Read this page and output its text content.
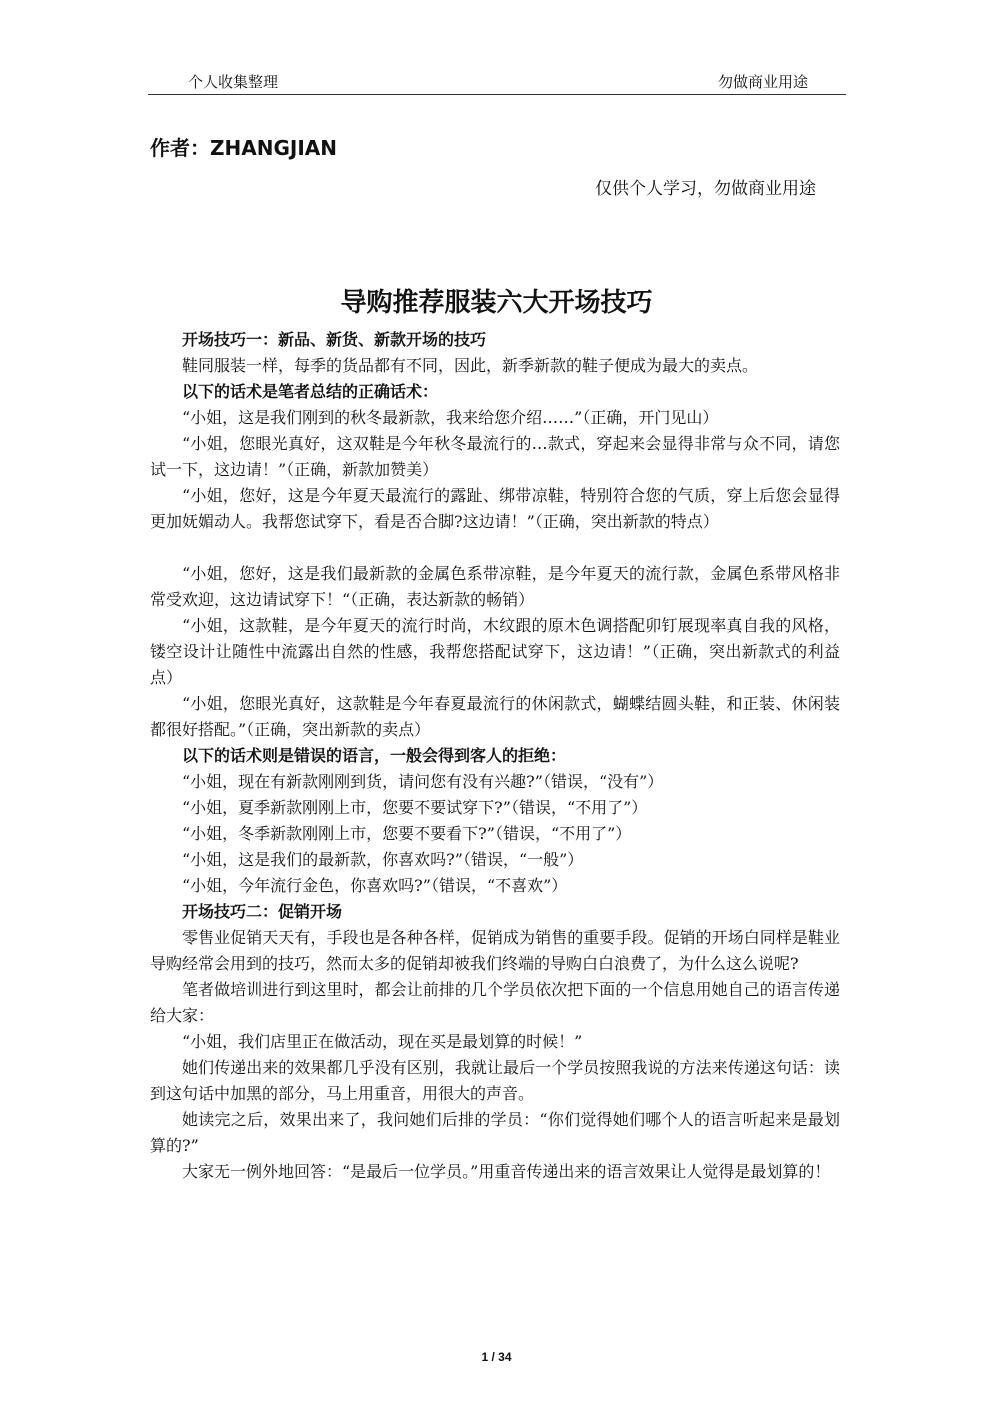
个人收集整理	勿做商业用途
作者：ZHANGJIAN
仅供个人学习，勿做商业用途
导购推荐服装六大开场技巧

开场技巧一：新品、新货、新款开场的技巧

鞋同服装一样，每季的货品都有不同，因此，新季新款的鞋子便成为最大的卖点。

以下的话术是笔者总结的正确话术：

“小姐，这是我们刚到的秋冬最新款，我来给您介绍……”（正确，开门见山）

“小姐，您眼光真好，这双鞋是今年秋冬最流行的…款式，穿起来会显得非常与众不同，请您试一下，这边请！”（正确，新款加赞美）

“小姐，您好，这是今年夏天最流行的露趾、绑带凉鞋，特别符合您的气质，穿上后您会显得更加妩媚动人。我帮您试穿下，看是否合脚?这边请！”（正确，突出新款的特点）

“小姐，您好，这是我们最新款的金属色系带凉鞋，是今年夏天的流行款，金属色系带风格非常受欢迎，这边请试穿下！“（正确，表达新款的畅销）

“小姐，这款鞋，是今年夏天的流行时尚，木纹跟的原木色调搭配卯钉展现率真自我的风格，镂空设计让随性中流露出自然的性感，我帮您搭配试穿下，这边请！”（正确，突出新款式的利益点）

“小姐，您眼光真好，这款鞋是今年春夏最流行的休闲款式，蝴蝶结圆头鞋，和正装、休闲装都很好搭配。”（正确，突出新款的卖点）

以下的话术则是错误的语言，一般会得到客人的拒绝：

“小姐，现在有新款刚刚到货，请问您有没有兴趣?”（错误，“没有”）

“小姐，夏季新款刚刚上市，您要不要试穿下?”（错误，“不用了”）

“小姐，冬季新款刚刚上市，您要不要看下?”（错误，“不用了”）

“小姐，这是我们的最新款，你喜欢吗?”（错误，“一般”）

“小姐，今年流行金色，你喜欢吗?”（错误，“不喜欢”）

开场技巧二：促销开场

零售业促销天天有，手段也是各种各样，促销成为销售的重要手段。促销的开场白同样是鞋业导购经常会用到的技巧，然而太多的促销却被我们终端的导购白白浪费了，为什么这么说呢?

笔者做培训进行到这里时，都会让前排的几个学员依次把下面的一个信息用她自己的语言传递给大家：

“小姐，我们店里正在做活动，现在买是最划算的时候！”

她们传递出来的效果都几乎没有区别，我就让最后一个学员按照我说的方法来传递这句话：读到这句话中加黑的部分，马上用重音，用很大的声音。

她读完之后，效果出来了，我问她们后排的学员：“你们觉得她们哪个人的语言听起来是最划算的?”

大家无一例外地回答：“是最后一位学员。”用重音传递出来的语言效果让人觉得是最划算的！

1 / 34
